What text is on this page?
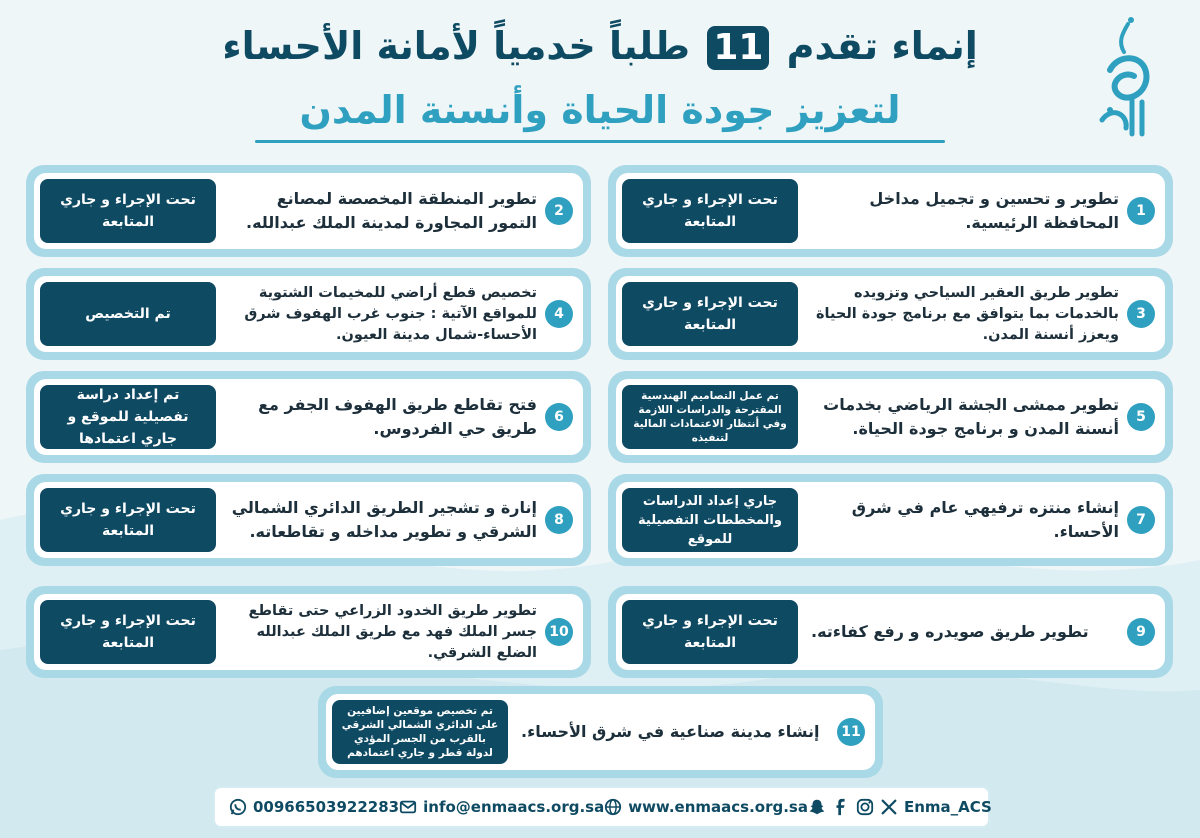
إنماء تقدم 11 طلباً خدمياً لأمانة الأحساء
لتعزيز جودة الحياة وأنسنة المدن
تحت الإجراء و جاري المتابعة
تطوير و تحسين و تجميل مداخل المحافظة الرئيسية.
1
تحت الإجراء و جاري المتابعة
تطوير طريق العقير السياحي وتزويده بالخدمات بما يتوافق مع برنامج جودة الحياة ويعزز أنسنة المدن.
3
تم عمل التصاميم الهندسية المقترحة والدراسات اللازمة وفي أنتظار الاعتمادات المالية لتنفيذه
تطوير ممشى الجشة الرياضي بخدمات أنسنة المدن و برنامج جودة الحياة.
5
جاري إعداد الدراسات والمخططات التفصيلية للموقع
إنشاء منتزه ترفيهي عام في شرق الأحساء.
7
تحت الإجراء و جاري المتابعة
تطوير طريق صويدره و رفع كفاءته.	9
تحت الإجراء و جاري المتابعة
تطوير المنطقة المخصصة لمصانع التمور المجاورة لمدينة الملك عبدالله.
2
تم التخصيص
تخصيص قطع أراضي للمخيمات الشتوية للمواقع الآتية : جنوب غرب الهفوف شرق الأحساء-شمال مدينة العيون.
4
تم إعداد دراسة تفصيلية للموقع و جاري اعتمادها
فتح تقاطع طريق الهفوف الجفر مع طريق حي الفردوس.
6
تحت الإجراء و جاري المتابعة
إنارة و تشجير الطريق الدائري الشمالي الشرقي و تطوير مداخله و تقاطعاته.
8
تحت الإجراء و جاري المتابعة
تطوير طريق الخدود الزراعي حتى تقاطع جسر الملك فهد مع طريق الملك عبدالله الضلع الشرقي.
10
تم تخصيص موقعين إضافيين على الدائري الشمالي الشرقي بالقرب من الجسر المؤدي لدولة قطر و جاري اعتمادهم
إنشاء مدينة صناعية في شرق الأحساء.	11
00966503922283 info@enmaacs.org.sa www.enmaacs.org.sa	Enma_ACS
